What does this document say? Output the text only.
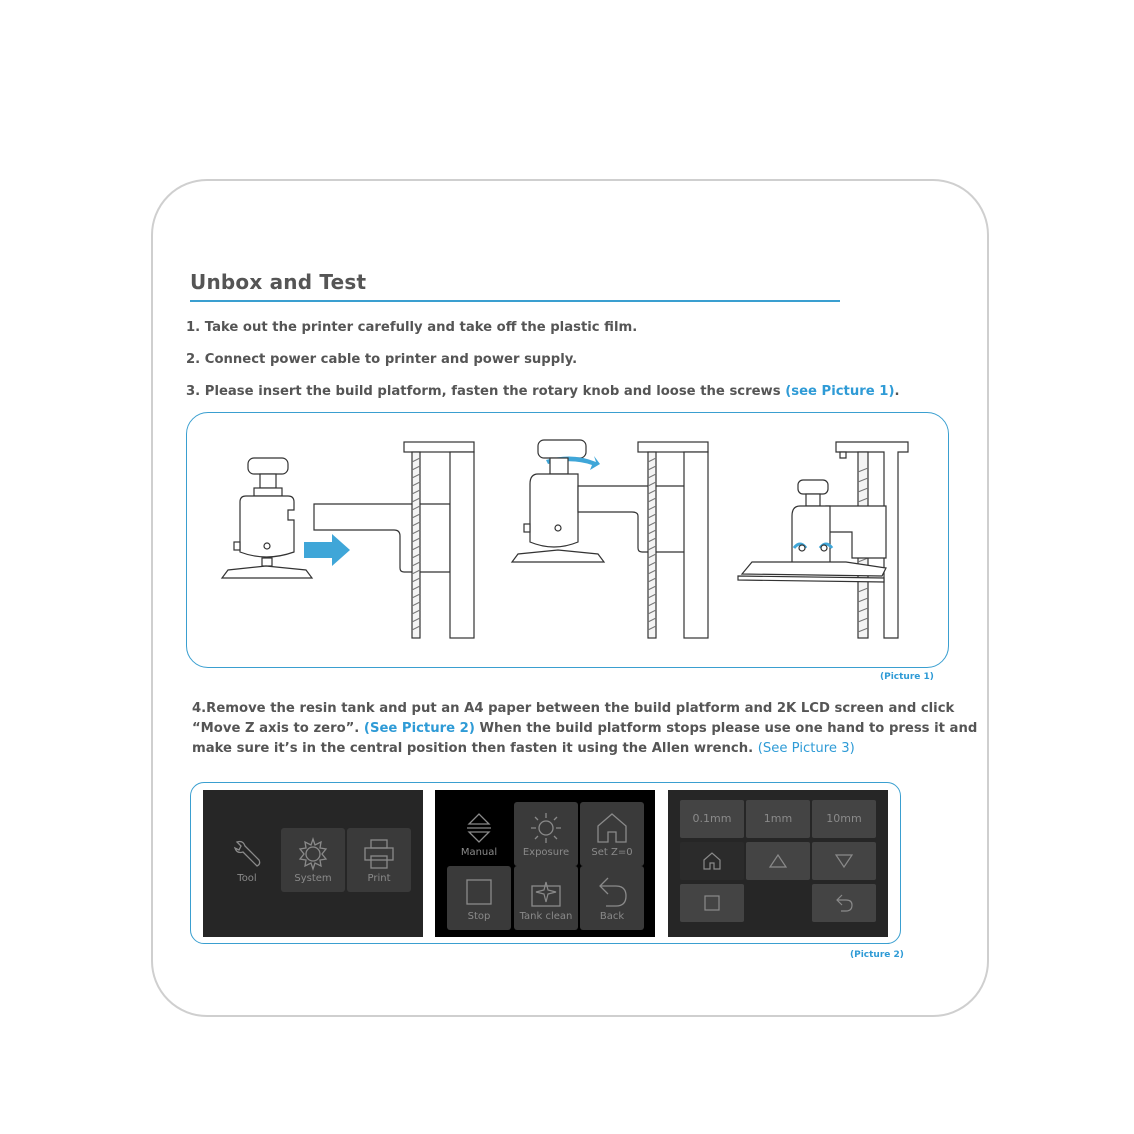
Unbox and Test
1. Take out the printer carefully and take off the plastic film.
2. Connect power cable to printer and power supply.
3. Please insert the build platform, fasten the rotary knob and loose the screws (see Picture 1).
(Picture 1)
4.Remove the resin tank and put an A4 paper between the build platform and 2K LCD screen and click
“Move Z axis to zero”. (See Picture 2) When the build platform stops please use one hand to press it and
make sure it’s in the central position then fasten it using the Allen wrench. (See Picture 3)
Tool	System	Print
Manual	Exposure	Set Z=0
Stop	Tank clean	Back
0.1mm	1mm	10mm
(Picture 2)
